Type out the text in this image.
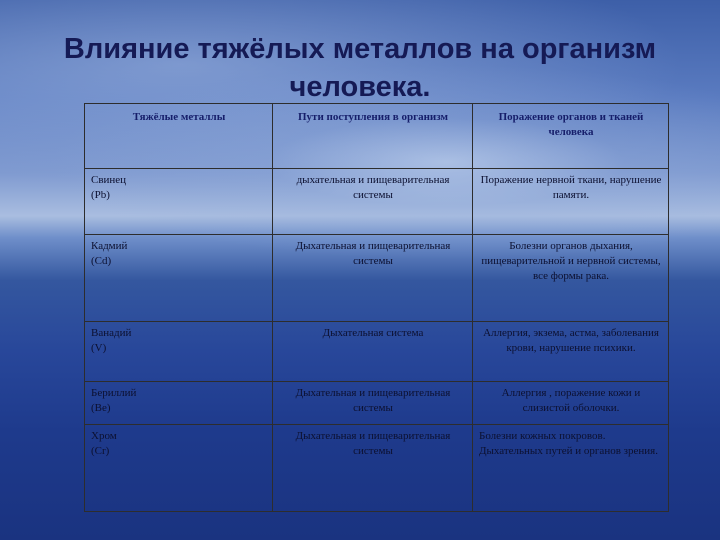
Влияние тяжёлых металлов на организм
человека.
Тяжёлые металлы	Пути поступления в организм	Поражение органов и тканей человека

Свинец
(Pb)	дыхательная и пищеварительная системы	Поражение нервной ткани, нарушение памяти.

Кадмий
(Cd)	Дыхательная и пищеварительная системы	Болезни органов дыхания, пищеварительной и нервной системы, все формы рака.

Ванадий
(V)	Дыхательная система	Аллергия, экзема, астма, заболевания крови, нарушение психики.

Бериллий
(Be)	Дыхательная и пищеварительная системы	Аллергия , поражение кожи и слизистой оболочки.

Хром
(Cr)	Дыхательная и пищеварительная системы	Болезни кожных покровов. Дыхательных путей и органов зрения.
